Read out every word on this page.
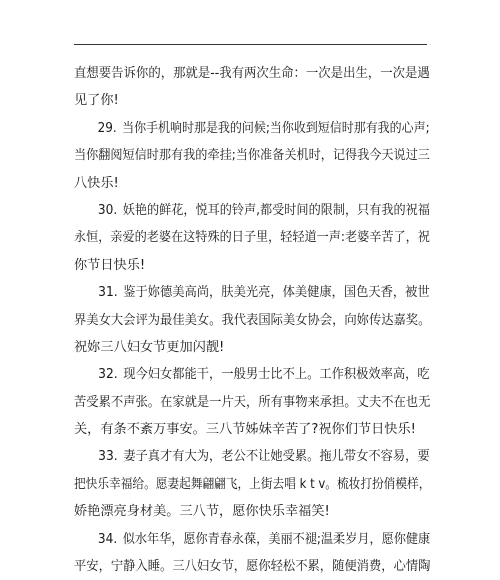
直想要告诉你的，那就是--我有两次生命：一次是出生，一次是遇
见了你!
29. 当你手机响时那是我的问候;当你收到短信时那有我的心声;
当你翻阅短信时那有我的牵挂;当你准备关机时，记得我今天说过三
八快乐!
30. 妖艳的鲜花，悦耳的铃声,都受时间的限制，只有我的祝福
永恒，亲爱的老婆在这特殊的日子里，轻轻道一声:老婆辛苦了，祝
你节日快乐!
31. 鉴于妳德美高尚，肤美光亮，体美健康，国色天香，被世
界美女大会评为最佳美女。我代表国际美女协会，向妳传达嘉奖。
祝妳三八妇女节更加闪靓!
32. 现今妇女都能干，一般男士比不上。工作积极效率高，吃
苦受累不声张。在家就是一片天，所有事物来承担。丈夫不在也无
关，有条不紊万事安。三八节姊妹辛苦了?祝你们节日快乐!
33. 妻子真才有大为，老公不让她受累。拖儿带女不容易，要
把快乐幸福给。愿妻起舞翩翩飞，上街去唱 k t v。梳妆打扮俏模样，
娇艳漂亮身材美。三八节，愿你快乐幸福笑!
34. 似水年华，愿你青春永葆，美丽不褪;温柔岁月，愿你健康
平安，宁静入睡。三八妇女节，愿你轻松不累，随便消费，心情陶
